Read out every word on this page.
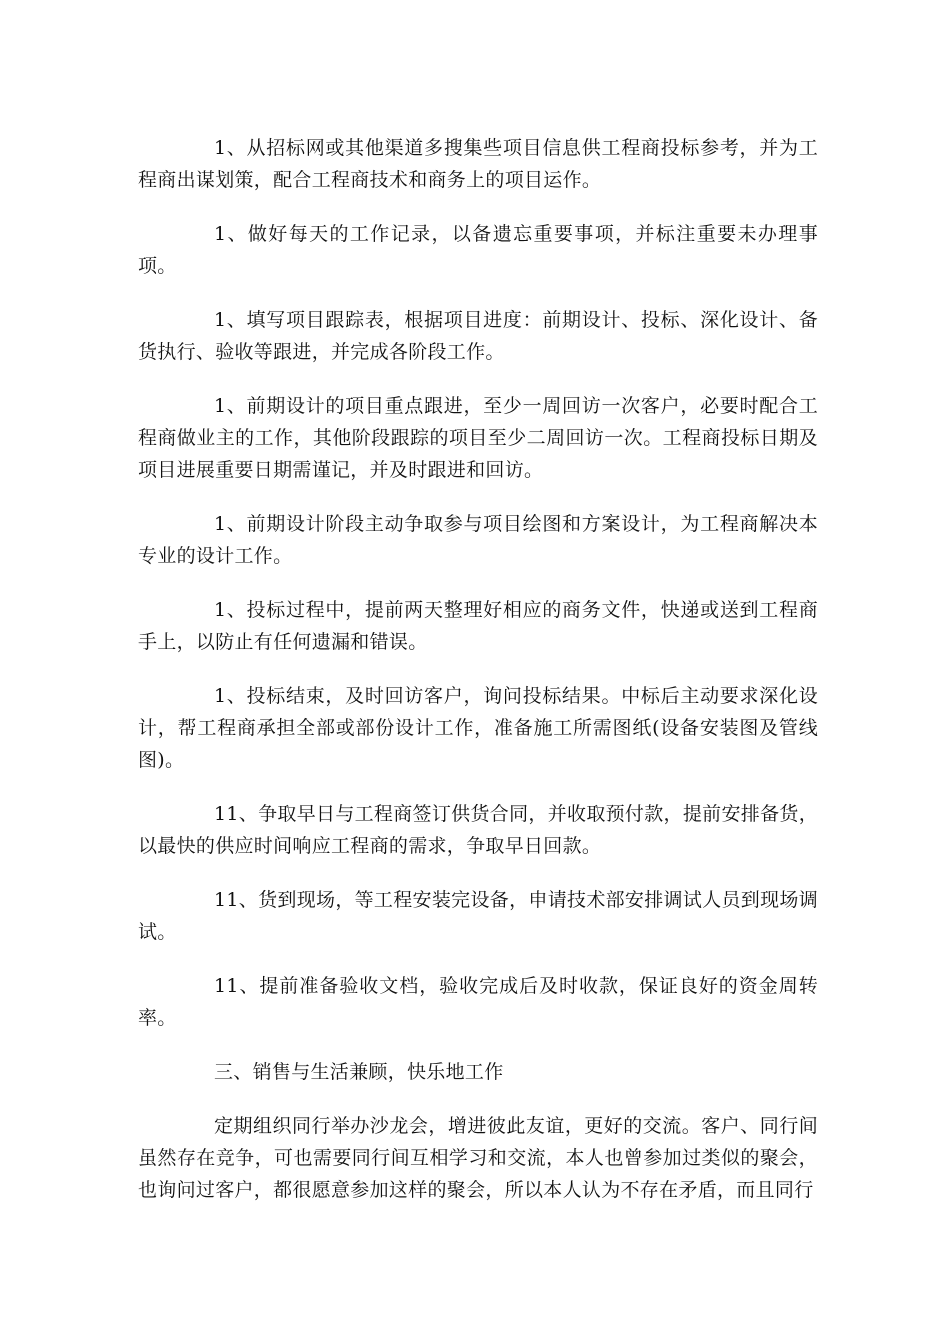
1、从招标网或其他渠道多搜集些项目信息供工程商投标参考，并为工程商出谋划策，配合工程商技术和商务上的项目运作。

1、做好每天的工作记录，以备遗忘重要事项，并标注重要未办理事项。

1、填写项目跟踪表，根据项目进度：前期设计、投标、深化设计、备货执行、验收等跟进，并完成各阶段工作。

1、前期设计的项目重点跟进，至少一周回访一次客户，必要时配合工程商做业主的工作，其他阶段跟踪的项目至少二周回访一次。工程商投标日期及项目进展重要日期需谨记，并及时跟进和回访。

1、前期设计阶段主动争取参与项目绘图和方案设计，为工程商解决本专业的设计工作。

1、投标过程中，提前两天整理好相应的商务文件，快递或送到工程商手上，以防止有任何遗漏和错误。

1、投标结束，及时回访客户，询问投标结果。中标后主动要求深化设计，帮工程商承担全部或部份设计工作，准备施工所需图纸(设备安装图及管线图)。

11、争取早日与工程商签订供货合同，并收取预付款，提前安排备货，以最快的供应时间响应工程商的需求，争取早日回款。

11、货到现场，等工程安装完设备，申请技术部安排调试人员到现场调试。

11、提前准备验收文档，验收完成后及时收款，保证良好的资金周转率。

三、销售与生活兼顾，快乐地工作

定期组织同行举办沙龙会，增进彼此友谊，更好的交流。客户、同行间虽然存在竞争，可也需要同行间互相学习和交流，本人也曾参加过类似的聚会，也询问过客户，都很愿意参加这样的聚会，所以本人认为不存在矛盾，而且同行
